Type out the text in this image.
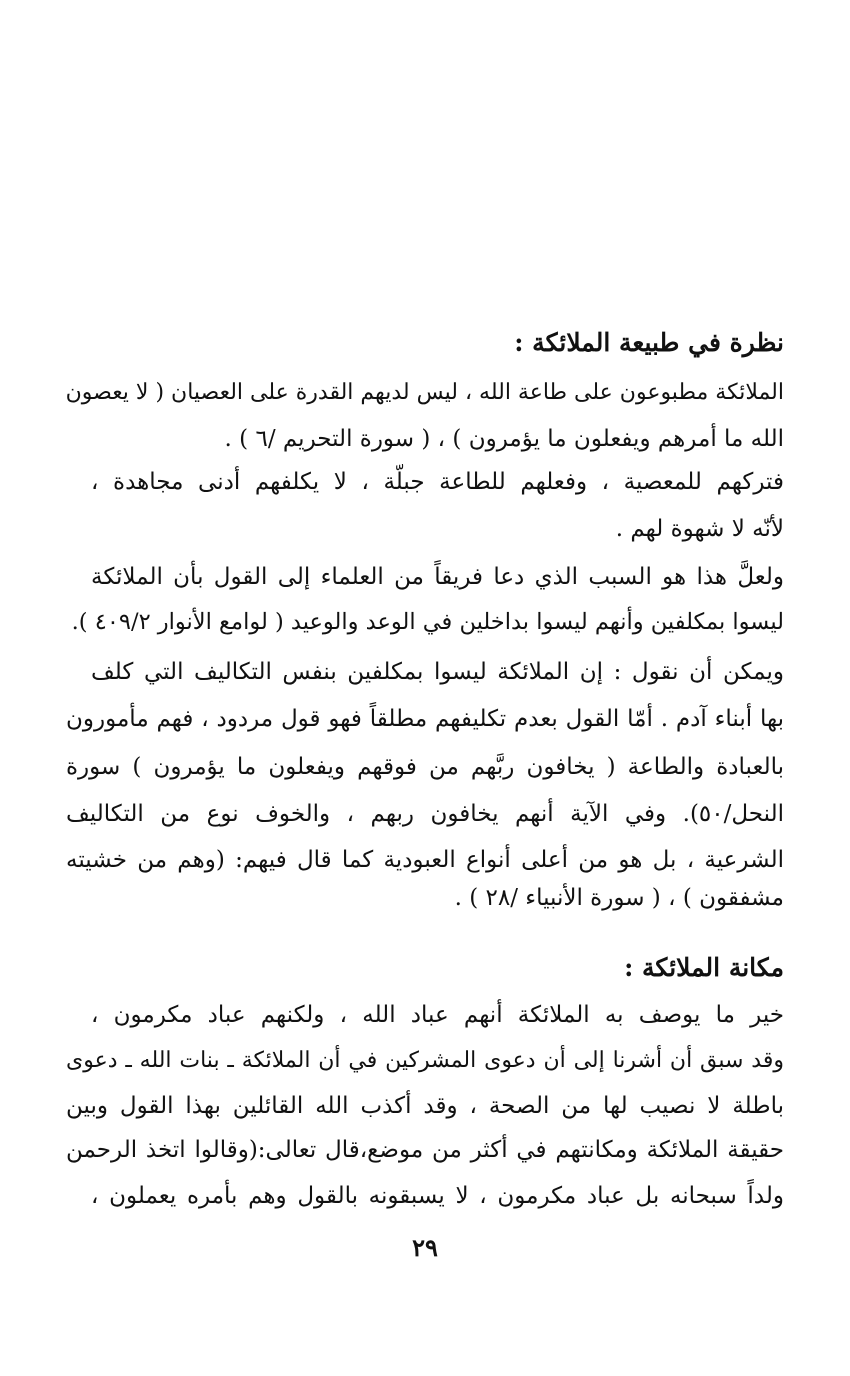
نظرة في طبيعة الملائكة :
الملائكة مطبوعون على طاعة الله ، ليس لديهم القدرة على العصيان ( لا يعصون
الله ما أمرهم ويفعلون ما يؤمرون ) ، ( سورة التحريم /٦ ) .
فتركهم للمعصية ، وفعلهم للطاعة جبلّة ، لا يكلفهم أدنى مجاهدة ،
لأنّه لا شهوة لهم .
ولعلَّ هذا هو السبب الذي دعا فريقاً من العلماء إلى القول بأن الملائكة
ليسوا بمكلفين وأنهم ليسوا بداخلين في الوعد والوعيد ( لوامع الأنوار ٤٠٩/٢ ).
ويمكن أن نقول : إن الملائكة ليسوا بمكلفين بنفس التكاليف التي كلف
بها أبناء آدم . أمّا القول بعدم تكليفهم مطلقاً فهو قول مردود ، فهم مأمورون
بالعبادة والطاعة ( يخافون ربَّهم من فوقهم ويفعلون ما يؤمرون ) سورة
النحل/٥٠). وفي الآية أنهم يخافون ربهم ، والخوف نوع من التكاليف
الشرعية ، بل هو من أعلى أنواع العبودية كما قال فيهم: (وهم من خشيته
مشفقون ) ، ( سورة الأنبياء /٢٨ ) .
مكانة الملائكة :
خير ما يوصف به الملائكة أنهم عباد الله ، ولكنهم عباد مكرمون ،
وقد سبق أن أشرنا إلى أن دعوى المشركين في أن الملائكة ـ بنات الله ـ دعوى
باطلة لا نصيب لها من الصحة ، وقد أكذب الله القائلين بهذا القول وبين
حقيقة الملائكة ومكانتهم في أكثر من موضع،قال تعالى:(وقالوا اتخذ الرحمن
ولداً سبحانه بل عباد مكرمون ، لا يسبقونه بالقول وهم بأمره يعملون ،
٢٩
